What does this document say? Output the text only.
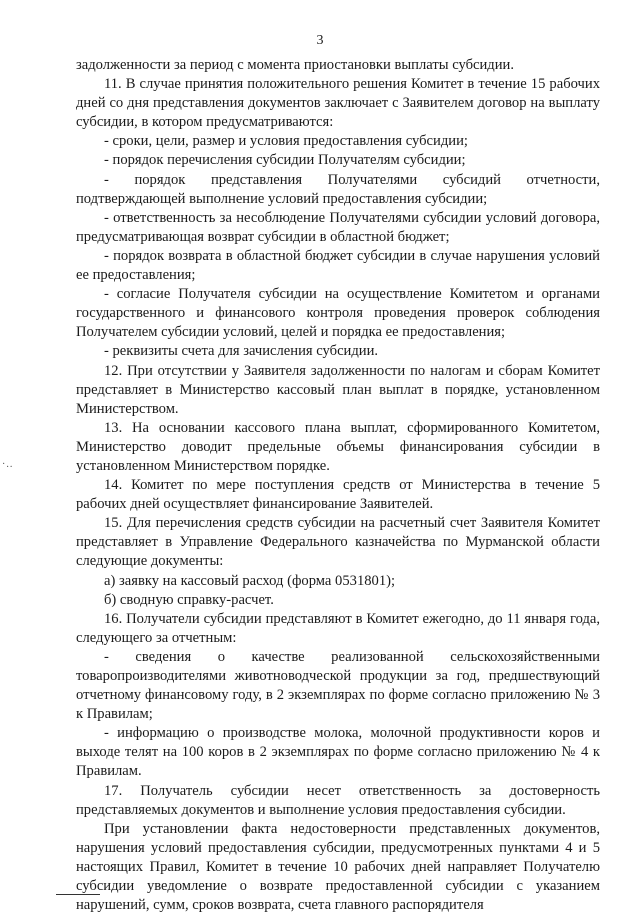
3
·..

задолженности за период с момента приостановки выплаты субсидии.

11. В случае принятия положительного решения Комитет в течение 15 рабочих дней со дня представления документов заключает с Заявителем договор на выплату субсидии, в котором предусматриваются:

- сроки, цели, размер и условия предоставления субсидии;

- порядок перечисления субсидии Получателям субсидии;

- порядок представления Получателями субсидий отчетности, подтверждающей выполнение условий предоставления субсидии;

- ответственность за несоблюдение Получателями субсидии условий договора, предусматривающая возврат субсидии в областной бюджет;

- порядок возврата в областной бюджет субсидии в случае нарушения условий ее предоставления;

- согласие Получателя субсидии на осуществление Комитетом и органами государственного и финансового контроля проведения проверок соблюдения Получателем субсидии условий, целей и порядка ее предоставления;

- реквизиты счета для зачисления субсидии.

12. При отсутствии у Заявителя задолженности по налогам и сборам Комитет представляет в Министерство кассовый план выплат в порядке, установленном Министерством.

13. На основании кассового плана выплат, сформированного Комитетом, Министерство доводит предельные объемы финансирования субсидии в установленном Министерством порядке.

14. Комитет по мере поступления средств от Министерства в течение 5 рабочих дней осуществляет финансирование Заявителей.

15. Для перечисления средств субсидии на расчетный счет Заявителя Комитет представляет в Управление Федерального казначейства по Мурманской области следующие документы:

а) заявку на кассовый расход (форма 0531801);

б) сводную справку-расчет.

16. Получатели субсидии представляют в Комитет ежегодно, до 11 января года, следующего за отчетным:

- сведения о качестве реализованной сельскохозяйственными товаропроизводителями животноводческой продукции за год, предшествующий отчетному финансовому году, в 2 экземплярах по форме согласно приложению № 3 к Правилам;

- информацию о производстве молока, молочной продуктивности коров и выходе телят на 100 коров в 2 экземплярах по форме согласно приложению № 4 к Правилам.

17. Получатель субсидии несет ответственность за достоверность представляемых документов и выполнение условия предоставления субсидии.

При установлении факта недостоверности представленных документов, нарушения условий предоставления субсидии, предусмотренных пунктами 4 и 5 настоящих Правил, Комитет в течение 10 рабочих дней направляет Получателю субсидии уведомление о возврате предоставленной субсидии с указанием нарушений, сумм, сроков возврата, счета главного распорядителя
